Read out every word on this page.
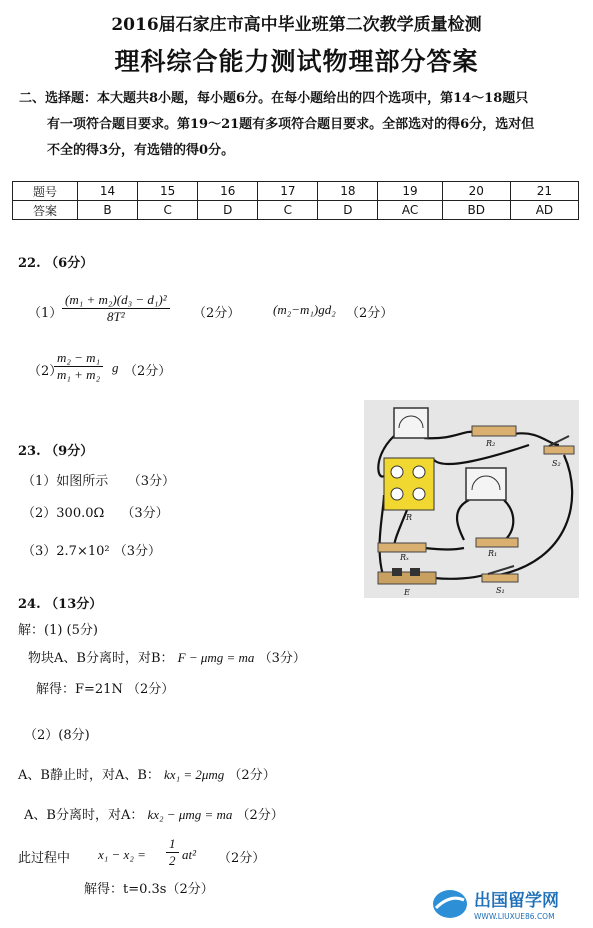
2016届石家庄市高中毕业班第二次教学质量检测
理科综合能力测试物理部分答案
二、选择题：本大题共8小题，每小题6分。在每小题给出的四个选项中，第14～18题只
有一项符合题目要求。第19～21题有多项符合题目要求。全部选对的得6分，选对但
不全的得3分，有选错的得0分。
题号	14	15	16	17	18	19	20	21
答案	B	C	D	C	D	AC	BD	AD
22. （6分）
$(1) \frac{\text{(m₁ + m₂)(d₃ − d₁)²}}{\text{8T²}} (2$分）	(m₂−m₁)gd₂ （2分）
（2）
$\frac{\text{m₂ − m₁}}{\text{m₁ + m₂}}$ g （2分）
23. （9分）
（1）如图所示　　（3分）
（2）300.0Ω　 （3分）
（3）2.7×10² （3分）
R₂
S₂
R
R₁
Rₓ
E	S₁
24. （13分）
解：(1) (5分)
物块A、B分离时，对B： F − μmg = ma （3分）
解得：F=21N （2分）
（2）(8分)
A、B静止时，对A、B： kx₁ = 2μmg （2分）
A、B分离时，对A： kx₂ − μmg = ma （2分）
此过程中 $x_1 - x_2 = \frac{1}{2} at^2$ （2分）
解得：t=0.3s（2分）
出国留学网
WWW.LIUXUE86.COM
